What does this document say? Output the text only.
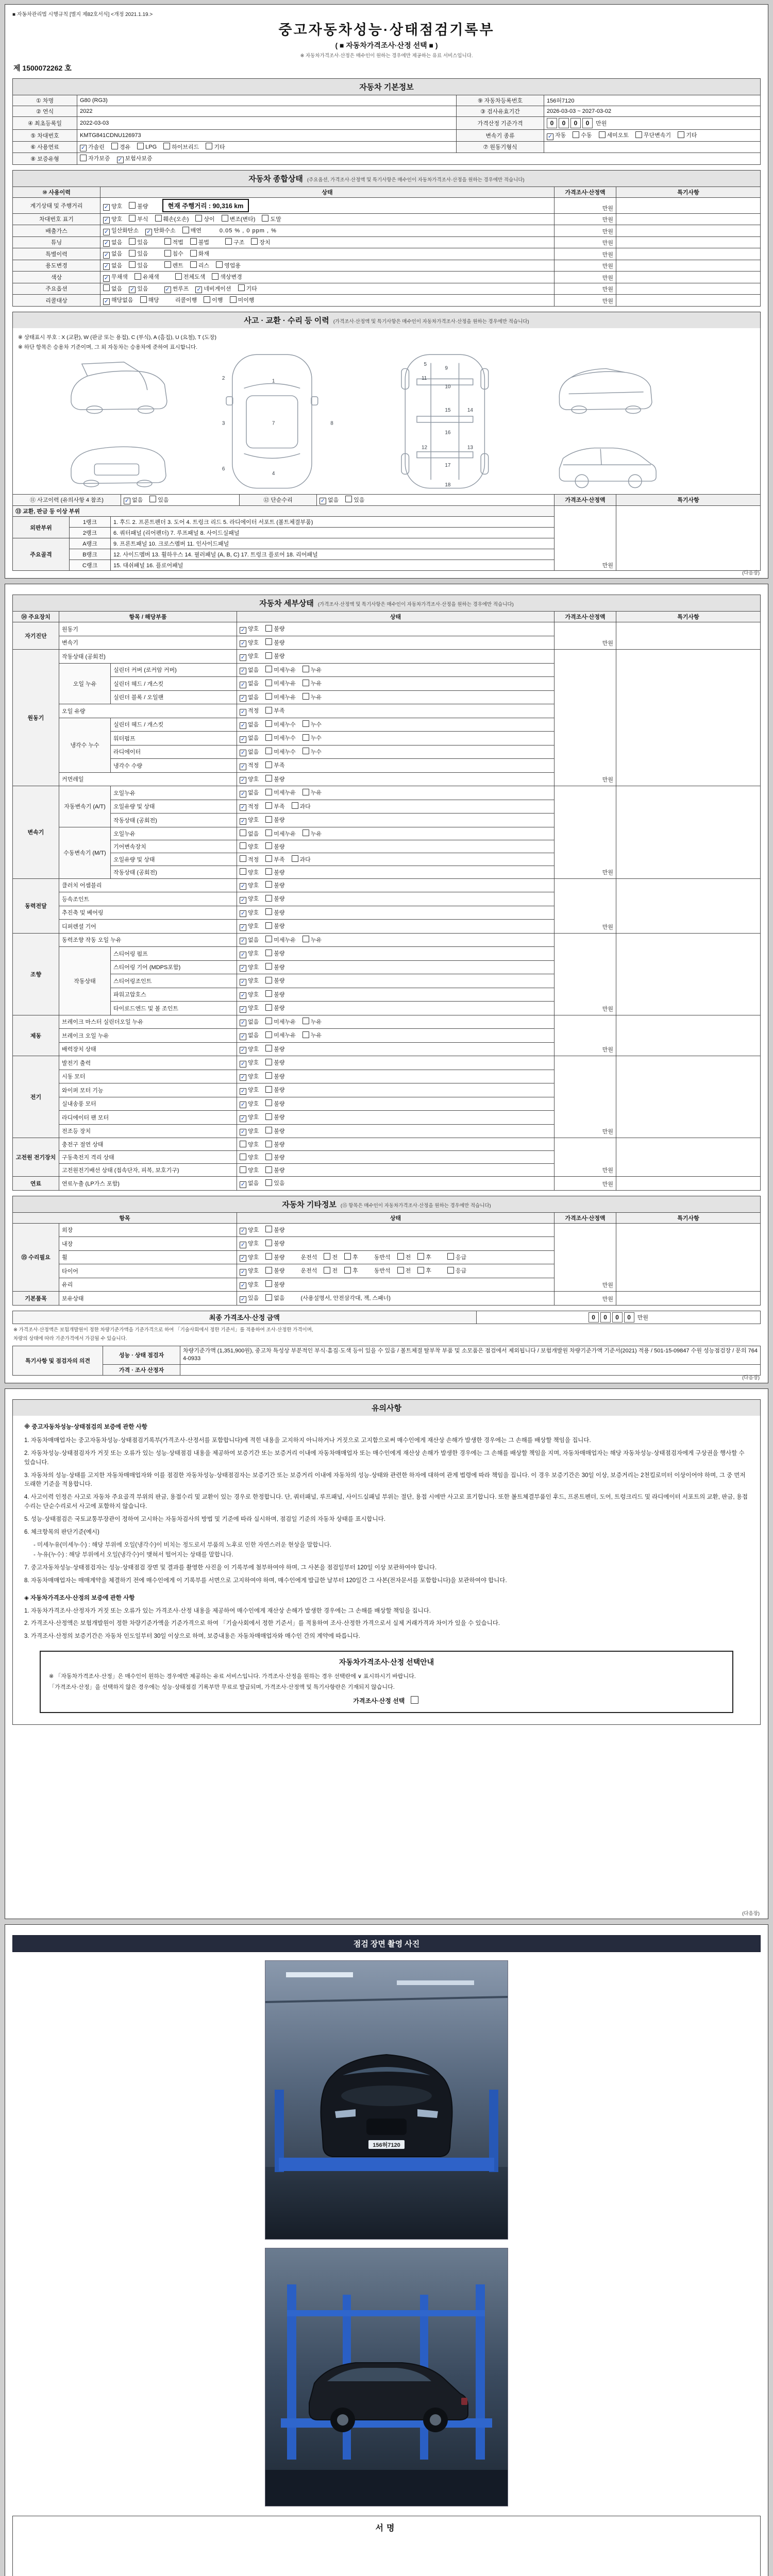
■ 자동차관리법 시행규칙 [별지 제82호서식] <개정 2021.1.19.>
중고자동차성능·상태점검기록부
( ■ 자동차가격조사·산정 선택 ■ )
※ 자동차가격조사·산정은 매수인이 원하는 경우에만 제공하는 유료 서비스입니다.
제 1500072262 호
자동차 기본정보
① 차명	G80 (RG3)	⑨ 자동차등록번호	156허7120
② 연식	2022	③ 검사유효기간	2026-03-03 ~ 2027-03-02
④ 최초등록일	2022-03-03	가격산정 기준가격	0 0 0 0 만원
⑤ 차대번호	KMTG841CDNU126973	변속기 종류	✓ 자동 수동 세미오토 무단변속기 기타
⑥ 사용연료	✓ 가솔린 경유 LPG 하이브리드 기타	⑦ 원동기형식	
⑧ 보증유형	자가보증 ✓ 보험사보증		
자동차 종합상태 (주요옵션, 가격조사·산정액 및 특기사항은 매수인이 자동차가격조사·산정을 원하는 경우에만 적습니다)
⑩ 사용이력	상태	가격조사·산정액	특기사항
계기상태 및 주행거리	✓ 양호 불량 현재 주행거리 : 90,316 km	만원	
차대번호 표기	✓ 양호 부식 훼손(오손) 상이 변조(변타) 도말	만원	
배출가스	✓ 일산화탄소 ✓ 탄화수소 매연 0.05 % , 0 ppm , %	만원	
튜닝	✓ 없음 있음 적법 불법 구조 장치	만원	
특별이력	✓ 없음 있음 침수 화재	만원	
용도변경	✓ 없음 있음 렌트 리스 영업용	만원	
색상	✓ 무채색 유채색 전체도색 색상변경	만원	
주요옵션	없음 ✓ 있음 ✓ 썬루프 ✓ 네비게이션 기타	만원	
리콜대상	✓ 해당없음 해당 리콜이행 이행 미이행	만원	
사고 · 교환 · 수리 등 이력 (가격조사·산정액 및 특기사항은 매수인이 자동차가격조사·산정을 원하는 경우에만 적습니다)
※ 상태표시 부호 : X (교환), W (판금 또는 용접), C (부식), A (흠집), U (요철), T (도장)
※ 하단 항목은 승용차 기준이며, 그 외 자동차는 승용차에 준하여 표시합니다.
1
2
3
4
5
6
7	8
9
10
11
12	13
14
15
16
17
18
⑪ 사고이력 (유의사항 4 참조)	✓ 없음	있음	⑫ 단순수리	✓ 없음	있음	가격조사·산정액	특기사항
⑬ 교환, 판금 등 이상 부위			만원	
외판부위	1랭크	1. 후드 2. 프론트펜더 3. 도어 4. 트렁크 리드 5. 라디에이터 서포트 (볼트체결부품)		
	2랭크	6. 쿼터패널 (리어펜더) 7. 루프패널 8. 사이드실패널		
주요골격	A랭크	9. 프론트패널 10. 크로스멤버 11. 인사이드패널		
	B랭크	12. 사이드멤버 13. 휠하우스 14. 필러패널 (A, B, C) 17. 트렁크 플로어 18. 리어패널		
	C랭크	15. 대쉬패널 16. 플로어패널		
(다음장)
자동차 세부상태 (가격조사·산정액 및 특기사항은 매수인이 자동차가격조사·산정을 원하는 경우에만 적습니다)
⑭ 주요장치	항목 / 해당부품		상태	가격조사·산정액	특기사항
자기진단	원동기		✓ 양호 불량	만원	
	변속기		✓ 양호 불량		
원동기	작동상태 (공회전)		✓ 양호 불량	만원	
	오일 누유	실린더 커버 (로커암 커버)	✓ 없음 미세누유 누유		
		실린더 헤드 / 개스킷	✓ 없음 미세누유 누유		
		실린더 블록 / 오일팬	✓ 없음 미세누유 누유		
	오일 유량		✓ 적정 부족		
	냉각수 누수	실린더 헤드 / 개스킷	✓ 없음 미세누수 누수		
		워터펌프	✓ 없음 미세누수 누수		
		라디에이터	✓ 없음 미세누수 누수		
		냉각수 수량	✓ 적정 부족		
	커먼레일		✓ 양호 불량		
변속기	자동변속기 (A/T)	오일누유	✓ 없음 미세누유 누유	만원	
		오일유량 및 상태	✓ 적정 부족 과다		
		작동상태 (공회전)	✓ 양호 불량		
	수동변속기 (M/T)	오일누유	없음 미세누유 누유		
		기어변속장치	양호 불량		
		오일유량 및 상태	적정 부족 과다		
		작동상태 (공회전)	양호 불량		
동력전달	클러치 어셈블리		✓ 양호 불량	만원	
	등속조인트		✓ 양호 불량		
	추진축 및 베어링		✓ 양호 불량		
	디퍼렌셜 기어		✓ 양호 불량		
조향	동력조향 작동 오일 누유		✓ 없음 미세누유 누유	만원	
	작동상태	스티어링 펌프	✓ 양호 불량		
		스티어링 기어 (MDPS포함)	✓ 양호 불량		
		스티어링조인트	✓ 양호 불량		
		파워고압호스	✓ 양호 불량		
		타이로드엔드 및 볼 조인트	✓ 양호 불량		
제동	브레이크 마스터 실린더오일 누유		✓ 없음 미세누유 누유	만원	
	브레이크 오일 누유		✓ 없음 미세누유 누유		
	배력장치 상태		✓ 양호 불량		
전기	발전기 출력		✓ 양호 불량	만원	
	시동 모터		✓ 양호 불량		
	와이퍼 모터 기능		✓ 양호 불량		
	실내송풍 모터		✓ 양호 불량		
	라디에이터 팬 모터		✓ 양호 불량		
	전조등 장치		✓ 양호 불량		
고전원 전기장치	충전구 절연 상태		양호 불량	만원	
	구동축전지 격리 상태		양호 불량		
	고전원전기배선 상태 (접속단자, 피복, 보호기구)		양호 불량		
연료	연료누출 (LP가스 포함)		✓ 없음 있음	만원	
자동차 기타정보 (⑮ 항목은 매수인이 자동차가격조사·산정을 원하는 경우에만 적습니다)
항목		상태	가격조사·산정액	특기사항
⑮ 수리필요	외장	✓ 양호 불량	만원	
	내장	✓ 양호 불량		
	휠	✓ 양호 불량 운전석 전 후 동반석 전 후 응급		
	타이어	✓ 양호 불량 운전석 전 후 동반석 전 후 응급		
	유리	✓ 양호 불량		
기본품목	보유상태	✓ 있음 없음 (사용설명서, 안전삼각대, 잭, 스패너)	만원	
최종 가격조사·산정 금액	0 0 0 0 만원
※ 가격조사·산정액은 보험개발원이 정한 차량기준가액을 기준가격으로 하여 「기술사회에서 정한 기준서」를 적용하여 조사·산정한 가격이며,
차량의 상태에 따라 기준가격에서 가감될 수 있습니다.
특기사항 및 점검자의 의견	성능 · 상태 점검자	차량기준가액 (1,351,900원), 중고차 특성상 부분적인 부식·흠집·도색 등이 있을 수 있음 / 볼트체결 탈부착 부품 및 소모품은 점검에서 제외됩니다 / 보험개발원 차량기준가액 기준서(2021) 적용 / 501-15-09847 수원 성능점검장 / 문의 7644-0933
	가격 · 조사 산정자	
(다음장)
유의사항
※ 중고자동차성능·상태점검의 보증에 관한 사항
1. 자동차매매업자는 중고자동차성능·상태점검기록부(가격조사·산정서를 포함합니다)에 적힌 내용을 고지하지 아니하거나 거짓으로 고지함으로써 매수인에게 재산상 손해가 발생한 경우에는 그 손해를 배상할 책임을 집니다.
2. 자동차성능·상태점검자가 거짓 또는 오류가 있는 성능·상태점검 내용을 제공하여 보증기간 또는 보증거리 이내에 자동차매매업자 또는 매수인에게 재산상 손해가 발생한 경우에는 그 손해를 배상할 책임을 지며, 자동차매매업자는 해당 자동차성능·상태점검자에게 구상권을 행사할 수 있습니다.
3. 자동차의 성능·상태를 고지한 자동차매매업자와 이를 점검한 자동차성능·상태점검자는 보증기간 또는 보증거리 이내에 자동차의 성능·상태와 관련한 하자에 대하여 관계 법령에 따라 책임을 집니다. 이 경우 보증기간은 30일 이상, 보증거리는 2천킬로미터 이상이어야 하며, 그 중 먼저 도래한 기준을 적용합니다.
4. 사고이력 인정은 사고로 자동차 주요골격 부위의 판금, 용접수리 및 교환이 있는 경우로 한정합니다. 단, 쿼터패널, 루프패널, 사이드실패널 부위는 절단, 용접 시에만 사고로 표기합니다. 또한 볼트체결부품인 후드, 프론트펜더, 도어, 트렁크리드 및 라디에이터 서포트의 교환, 판금, 용접수리는 단순수리로서 사고에 포함하지 않습니다.
5. 성능·상태점검은 국토교통부장관이 정하여 고시하는 자동차검사의 방법 및 기준에 따라 실시하며, 점검일 기준의 자동차 상태를 표시합니다.
6. 체크항목의 판단기준(예시)
- 미세누유(미세누수) : 해당 부위에 오일(냉각수)이 비치는 정도로서 부품의 노후로 인한 자연스러운 현상을 말합니다.
- 누유(누수) : 해당 부위에서 오일(냉각수)이 맺혀서 떨어지는 상태를 말합니다.
7. 중고자동차성능·상태점검자는 성능·상태점검 장면 및 결과를 촬영한 사진을 이 기록부에 첨부하여야 하며, 그 사본을 점검일부터 120일 이상 보관하여야 합니다.
8. 자동차매매업자는 매매계약을 체결하기 전에 매수인에게 이 기록부를 서면으로 고지하여야 하며, 매수인에게 발급한 날부터 120일간 그 사본(전자문서를 포함합니다)을 보관하여야 합니다.
◈ 자동차가격조사·산정의 보증에 관한 사항
1. 자동차가격조사·산정자가 거짓 또는 오류가 있는 가격조사·산정 내용을 제공하여 매수인에게 재산상 손해가 발생한 경우에는 그 손해를 배상할 책임을 집니다.
2. 가격조사·산정액은 보험개발원이 정한 차량기준가액을 기준가격으로 하여 「기술사회에서 정한 기준서」를 적용하여 조사·산정한 가격으로서 실제 거래가격과 차이가 있을 수 있습니다.
3. 가격조사·산정의 보증기간은 자동차 인도일부터 30일 이상으로 하며, 보증내용은 자동차매매업자와 매수인 간의 계약에 따릅니다.
자동차가격조사·산정 선택안내
※ 「자동차가격조사·산정」은 매수인이 원하는 경우에만 제공하는 유료 서비스입니다. 가격조사·산정을 원하는 경우 선택란에 ∨ 표시하시기 바랍니다.
「가격조사·산정」을 선택하지 않은 경우에는 성능·상태점검 기록부만 무료로 발급되며, 가격조사·산정액 및 특기사항란은 기재되지 않습니다.
가격조사·산정 선택
(다음장)
점검 장면 촬영 사진
156허7120
서명
